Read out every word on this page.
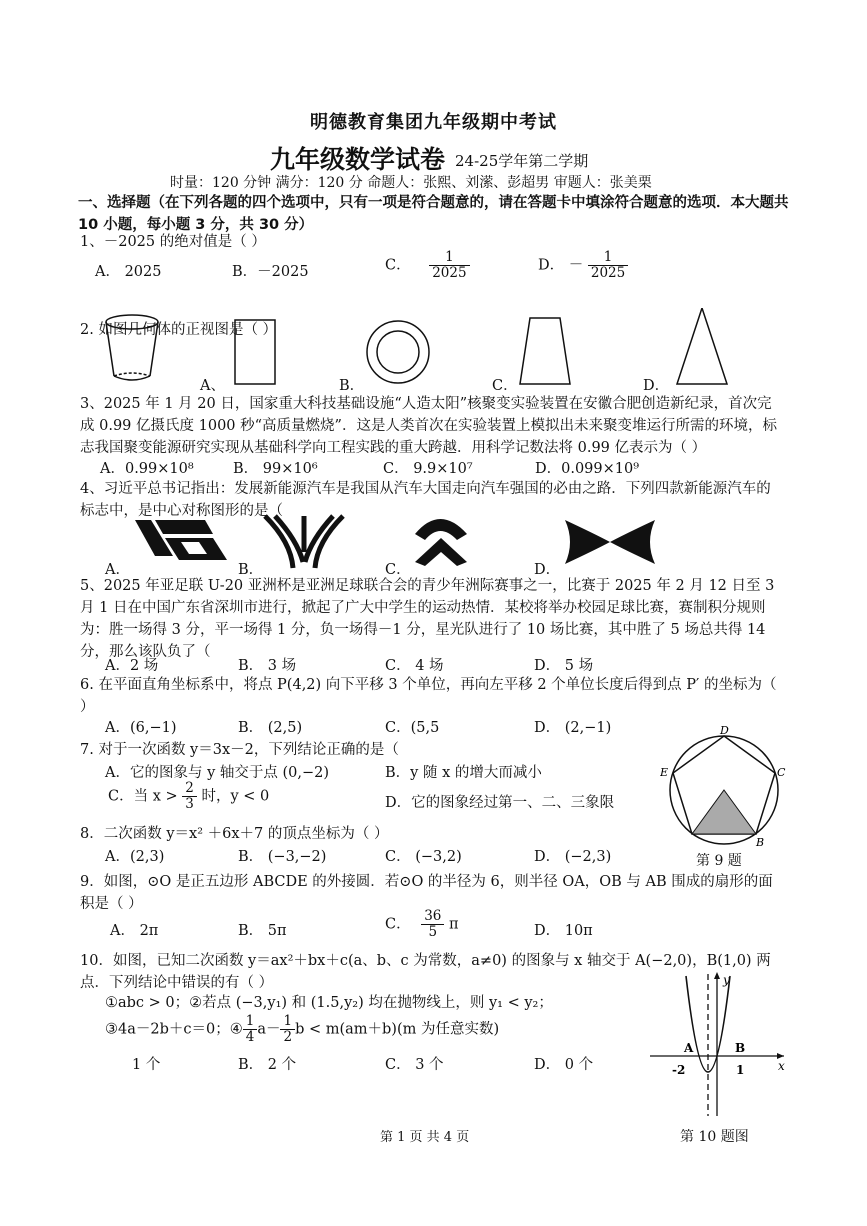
明德教育集团九年级期中考试
九年级数学试卷 24-25学年第二学期
时量：120 分钟 满分：120 分 命题人：张熙、刘潆、彭超男 审题人：张美栗
一、选择题（在下列各题的四个选项中，只有一项是符合题意的，请在答题卡中填涂符合题意的选项．本大题共 10 小题，每小题 3 分，共 30 分）
1、－2025 的绝对值是（ ）
A． 2025	B．－2025	C． $\frac{1}{2025}$	D． － $\frac{1}{2025}$
2. 如图几何体的正视图是（ ）
A、	B．	C．	D．
3、2025 年 1 月 20 日，国家重大科技基础设施“人造太阳”核聚变实验装置在安徽合肥创造新纪录，首次完成 0.99 亿摄氏度 1000 秒“高质量燃烧”．这是人类首次在实验装置上模拟出未来聚变堆运行所需的环境，标志我国聚变能源研究实现从基础科学向工程实践的重大跨越．用科学记数法将 0.99 亿表示为（ ）
A．0.99×10⁸	B． 99×10⁶	C． 9.9×10⁷	D．0.099×10⁹
4、习近平总书记指出：发展新能源汽车是我国从汽车大国走向汽车强国的必由之路．下列四款新能源汽车的标志中，是中心对称图形的是（
A．	B．	C．	D．
5、2025 年亚足联 U-20 亚洲杯是亚洲足球联合会的青少年洲际赛事之一，比赛于 2025 年 2 月 12 日至 3 月 1 日在中国广东省深圳市进行，掀起了广大中学生的运动热情．某校将举办校园足球比赛，赛制积分规则为：胜一场得 3 分，平一场得 1 分，负一场得－1 分，星光队进行了 10 场比赛，其中胜了 5 场总共得 14 分，那么该队负了（
A．2 场	B． 3 场	C． 4 场	D． 5 场
6. 在平面直角坐标系中，将点 P(4,2) 向下平移 3 个单位，再向左平移 2 个单位长度后得到点 P′ 的坐标为（ ）
A．(6,−1)	B． (2,5)	C．(5,5	D． (2,−1)
7. 对于一次函数 y＝3x－2，下列结论正确的是（
A．它的图象与 y 轴交于点 (0,−2)	B．y 随 x 的增大而减小
C．当 $x > \frac{2}{3}$ 时，y < 0	D．它的图象经过第一、二、三象限
D
C
E
B
第 9 题
8．二次函数 y＝x² ＋6x＋7 的顶点坐标为（ ）
A．(2,3)	B． (−3,−2)	C． (−3,2)	D． (−2,3)
9．如图，⊙O 是正五边形 ABCDE 的外接圆．若⊙O 的半径为 6，则半径 OA，OB 与 AB 围成的扇形的面积是（ ）
A． 2π	B． 5π	C． $\frac{36}{5}$ π	D． 10π
10．如图，已知二次函数 y＝ax²＋bx＋c(a、b、c 为常数，a≠0) 的图象与 x 轴交于 A(−2,0)，B(1,0) 两点．下列结论中错误的有（ ）
①abc > 0；②若点 (−3,y₁) 和 (1.5,y₂) 均在抛物线上，则 y₁ < y₂；
③4a－2b＋c＝0；④ $\frac{1}{4} a- \frac{1}{2}$ b < m(am＋b)(m 为任意实数)
1 个	B． 2 个	C． 3 个	D． 0 个
y
x
A	B
-2	1
第 1 页 共 4 页	第 10 题图
